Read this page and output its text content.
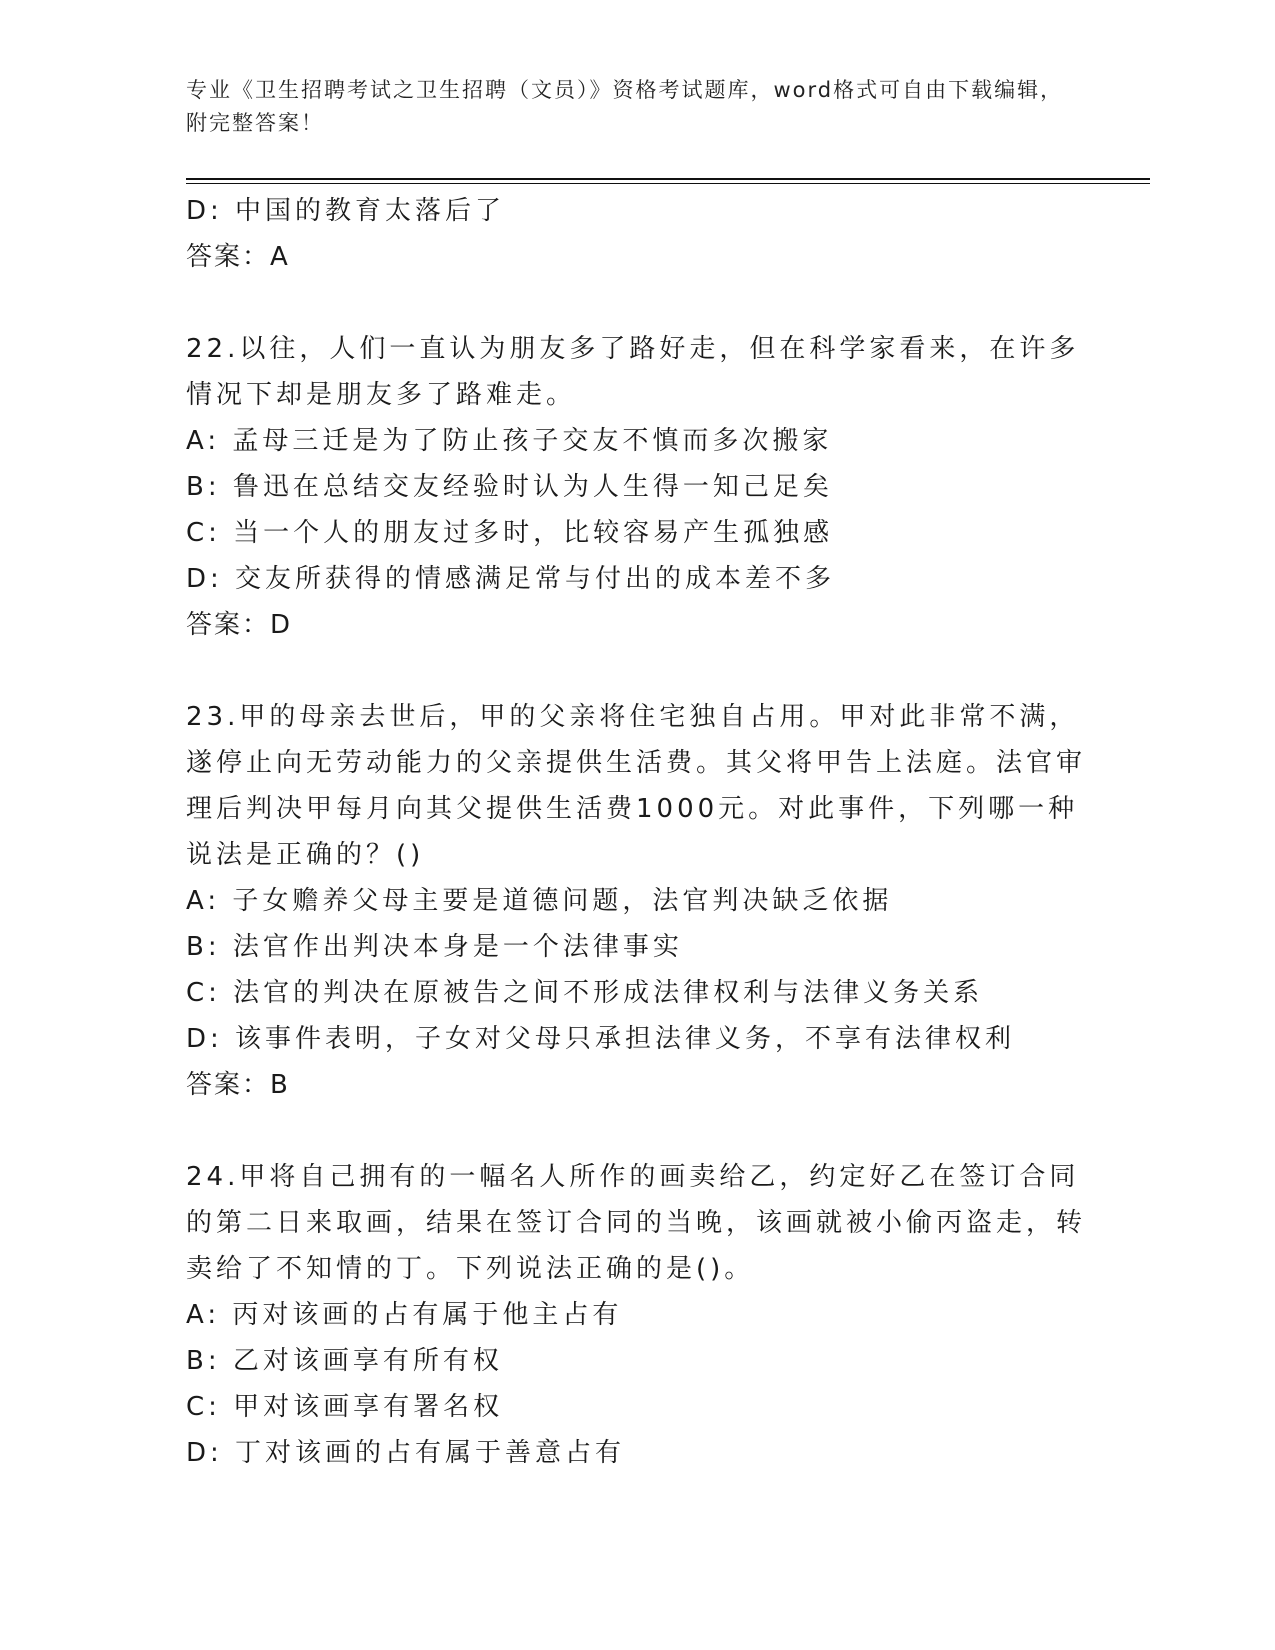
专业《卫生招聘考试之卫生招聘（文员）》资格考试题库，word格式可自由下载编辑，附完整答案！
D: 中国的教育太落后了
答案：A
22.以往，人们一直认为朋友多了路好走，但在科学家看来，在许多情况下却是朋友多了路难走。
A: 孟母三迁是为了防止孩子交友不慎而多次搬家
B: 鲁迅在总结交友经验时认为人生得一知己足矣
C: 当一个人的朋友过多时，比较容易产生孤独感
D: 交友所获得的情感满足常与付出的成本差不多
答案：D
23.甲的母亲去世后，甲的父亲将住宅独自占用。甲对此非常不满，遂停止向无劳动能力的父亲提供生活费。其父将甲告上法庭。法官审理后判决甲每月向其父提供生活费1000元。对此事件，下列哪一种说法是正确的？()
A: 子女赡养父母主要是道德问题，法官判决缺乏依据
B: 法官作出判决本身是一个法律事实
C: 法官的判决在原被告之间不形成法律权利与法律义务关系
D: 该事件表明，子女对父母只承担法律义务，不享有法律权利
答案：B
24.甲将自己拥有的一幅名人所作的画卖给乙，约定好乙在签订合同的第二日来取画，结果在签订合同的当晚，该画就被小偷丙盗走，转卖给了不知情的丁。下列说法正确的是()。
A: 丙对该画的占有属于他主占有
B: 乙对该画享有所有权
C: 甲对该画享有署名权
D: 丁对该画的占有属于善意占有
